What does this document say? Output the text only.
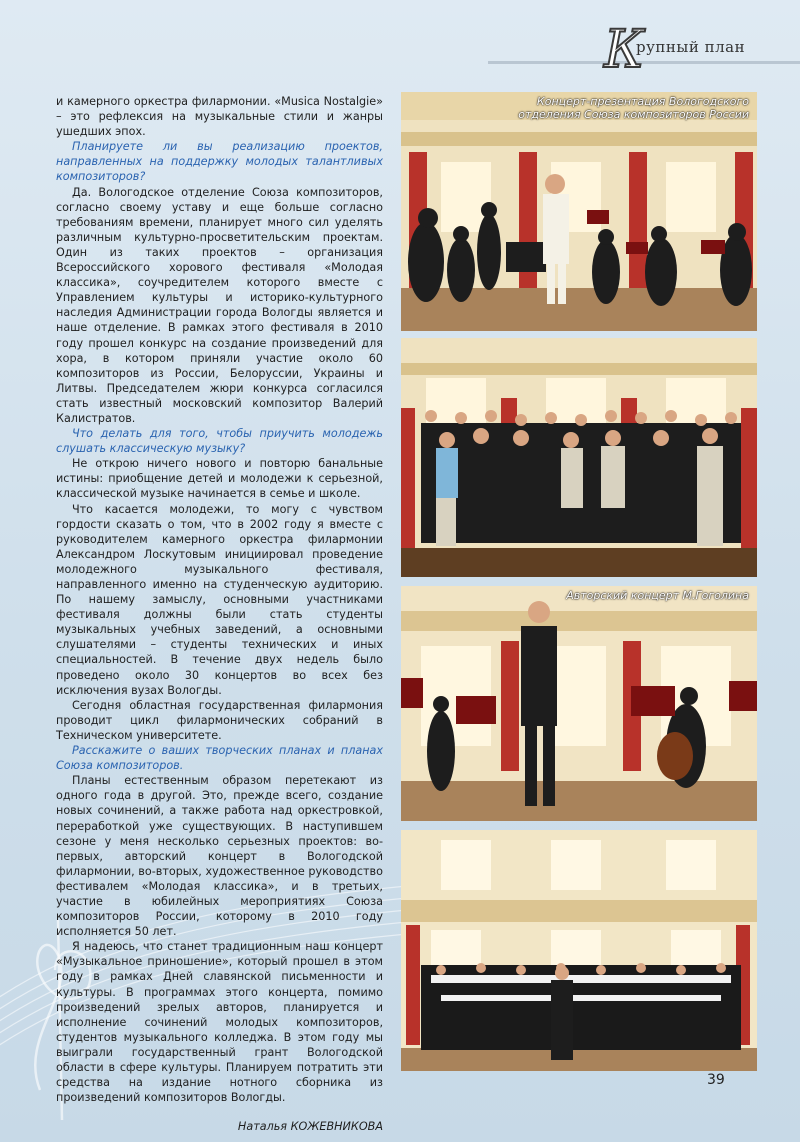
К
рупный план

и камерного оркестра филармонии. «Musica Nostalgie» – это рефлексия на музыкальные стили и жанры ушедших эпох.

Планируете ли вы реализацию проектов, направленных на поддержку молодых талантливых композиторов?

Да. Вологодское отделение Союза композиторов, согласно своему уставу и еще больше согласно требованиям времени, планирует много сил уделять различным культурно-просветительским проектам. Один из таких проектов – организация Всероссийского хорового фестиваля «Молодая классика», соучредителем которого вместе с Управлением культуры и историко-культурного наследия Администрации города Вологды является и наше отделение. В рамках этого фестиваля в 2010 году прошел конкурс на создание произведений для хора, в котором приняли участие около 60 композиторов из России, Белоруссии, Украины и Литвы. Председателем жюри конкурса согласился стать известный московский композитор Валерий Калистратов.

Что делать для того, чтобы приучить молодежь слушать классическую музыку?

Не открою ничего нового и повторю банальные истины: приобщение детей и молодежи к серьезной, классической музыке начинается в семье и школе.

Что касается молодежи, то могу с чувством гордости сказать о том, что в 2002 году я вместе с руководителем камерного оркестра филармонии Александром Лоскутовым инициировал проведение молодежного музыкального фестиваля, направленного именно на студенческую аудиторию. По нашему замыслу, основными участниками фестиваля должны были стать студенты музыкальных учебных заведений, а основными слушателями – студенты технических и иных специальностей. В течение двух недель было проведено около 30 концертов во всех без исключения вузах Вологды.

Сегодня областная государственная филармония проводит цикл филармонических собраний в Техническом университете.

Расскажите о ваших творческих планах и планах Союза композиторов.

Планы естественным образом перетекают из одного года в другой. Это, прежде всего, создание новых сочинений, а также работа над оркестровкой, переработкой уже существующих. В наступившем сезоне у меня несколько серьезных проектов: во-первых, авторский концерт в Вологодской филармонии, во-вторых, художественное руководство фестивалем «Молодая классика», и в третьих, участие в юбилейных мероприятиях Союза композиторов России, которому в 2010 году исполняется 50 лет.

Я надеюсь, что станет традиционным наш концерт «Музыкальное приношение», который прошел в этом году в рамках Дней славянской письменности и культуры. В программах этого концерта, помимо произведений зрелых авторов, планируется и исполнение сочинений молодых композиторов, студентов музыкального колледжа. В этом году мы выиграли государственный грант Вологодской области в сфере культуры. Планируем потратить эти средства на издание нотного сборника из произведений композиторов Вологды.

Наталья КОЖЕВНИКОВА

Концерт-презентация Вологодского
отделения Союза композиторов России
Авторский концерт М.Гоголина
39
